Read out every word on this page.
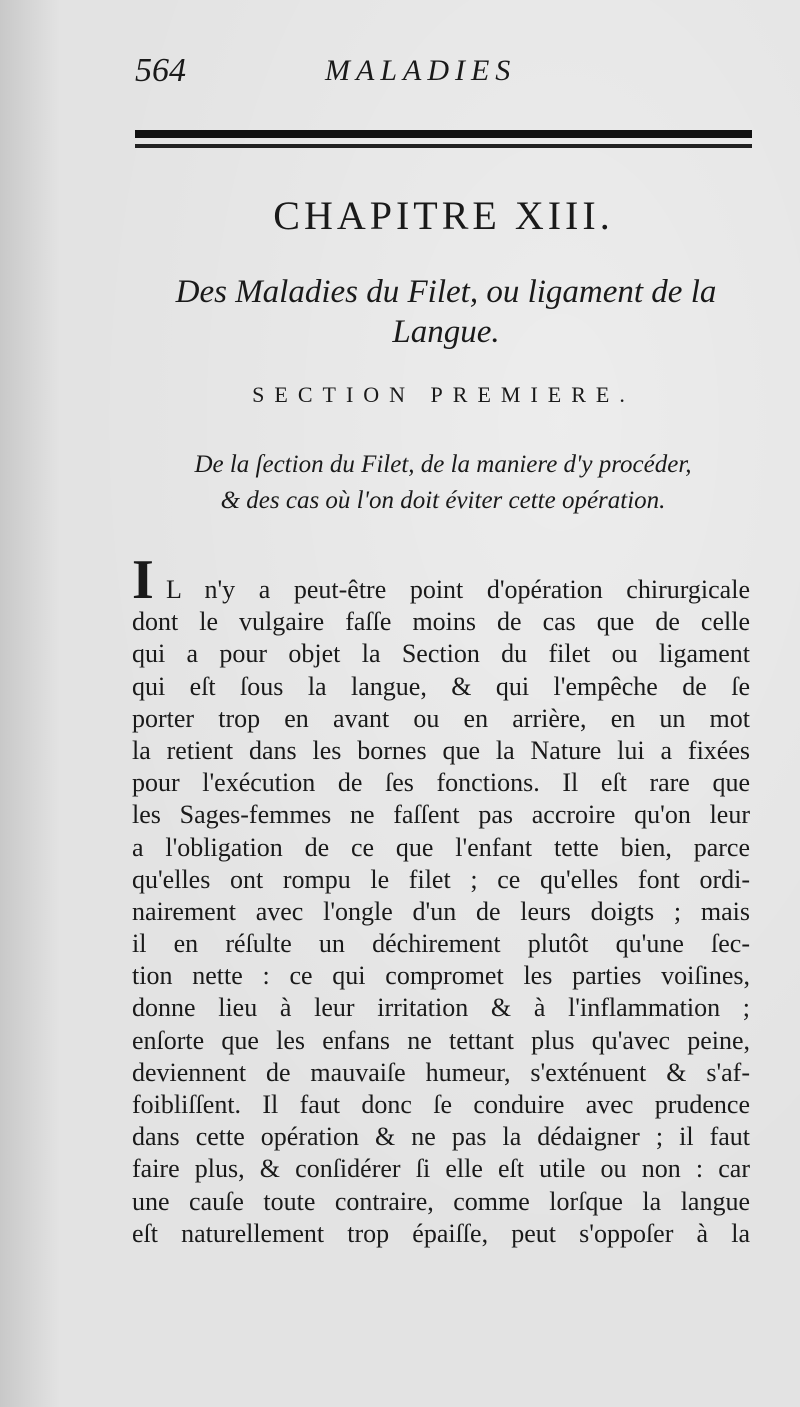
564	MALADIES
CHAPITRE XIII.
Des Maladies du Filet, ou ligament de la
Langue.
SECTION PREMIERE.
De la ſection du Filet, de la maniere d'y procéder,
& des cas où l'on doit éviter cette opération.
I L n'y a peut-être point d'opération chirurgicale
dont le vulgaire faſſe moins de cas que de celle
qui a pour objet la Section du filet ou ligament
qui eſt ſous la langue, & qui l'empêche de ſe
porter trop en avant ou en arrière, en un mot
la retient dans les bornes que la Nature lui a fixées
pour l'exécution de ſes fonctions. Il eſt rare que
les Sages-femmes ne faſſent pas accroire qu'on leur
a l'obligation de ce que l'enfant tette bien, parce
qu'elles ont rompu le filet ; ce qu'elles font ordi-
nairement avec l'ongle d'un de leurs doigts ; mais
il en réſulte un déchirement plutôt qu'une ſec-
tion nette : ce qui compromet les parties voiſines,
donne lieu à leur irritation & à l'inflammation ;
enſorte que les enfans ne tettant plus qu'avec peine,
deviennent de mauvaiſe humeur, s'exténuent & s'af-
foibliſſent. Il faut donc ſe conduire avec prudence
dans cette opération & ne pas la dédaigner ; il faut
faire plus, & conſidérer ſi elle eſt utile ou non : car
une cauſe toute contraire, comme lorſque la langue
eſt naturellement trop épaiſſe, peut s'oppoſer à la
